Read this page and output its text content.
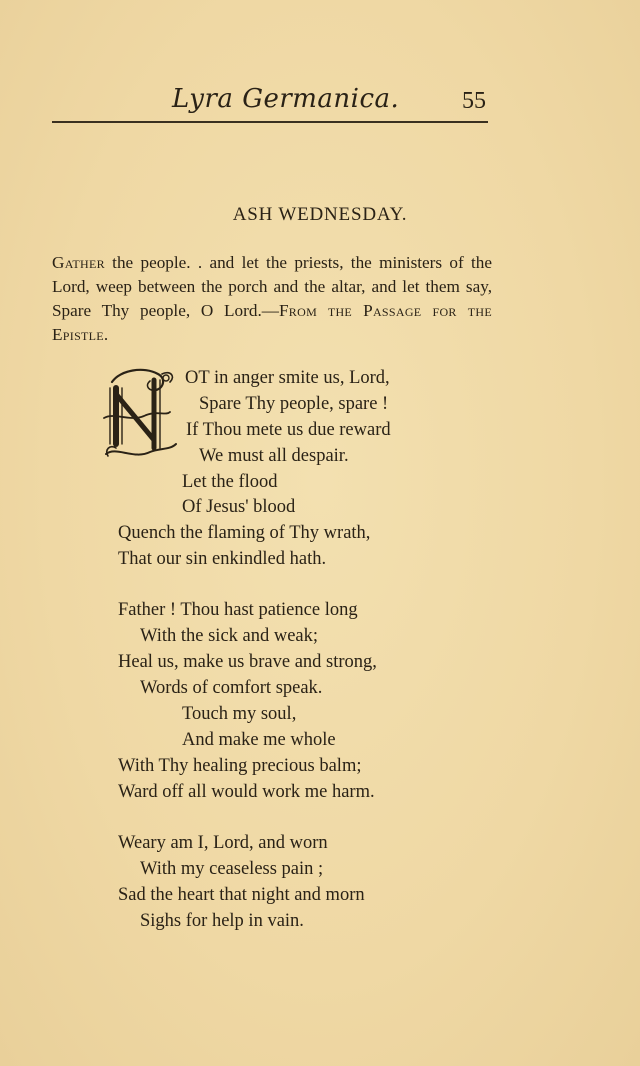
Lyra Germanica.	55
ASH WEDNESDAY.

Gather the people. . and let the priests, the ministers of the Lord, weep between the porch and the altar, and let them say, Spare Thy people, O Lord.—From the Passage for the Epistle.

N
OT in anger smite us, Lord,
Spare Thy people, spare !
If Thou mete us due reward
We must all despair.
Let the flood
Of Jesus' blood
Quench the flaming of Thy wrath,
That our sin enkindled hath.
Father ! Thou hast patience long
With the sick and weak;
Heal us, make us brave and strong,
Words of comfort speak.
Touch my soul,
And make me whole
With Thy healing precious balm;
Ward off all would work me harm.
Weary am I, Lord, and worn
With my ceaseless pain ;
Sad the heart that night and morn
Sighs for help in vain.
